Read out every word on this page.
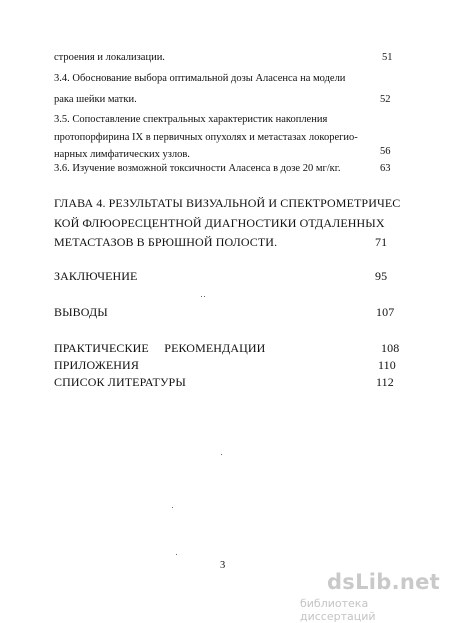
строения и локализации.	51
3.4. Обоснование выбора оптимальной дозы Аласенса на модели
рака шейки матки.	52
3.5. Сопоставление спектральных характеристик накопления
протопорфирина IX в первичных опухолях и метастазах локорегио-
нарных лимфатических узлов.	56
3.6. Изучение возможной токсичности Аласенса в дозе 20 мг/кг.	63
ГЛАВА 4. РЕЗУЛЬТАТЫ ВИЗУАЛЬНОЙ И СПЕКТРОМЕТРИЧЕС
КОЙ ФЛЮОРЕСЦЕНТНОЙ ДИАГНОСТИКИ ОТДАЛЕННЫХ
МЕТАСТАЗОВ В БРЮШНОЙ ПОЛОСТИ.	71
ЗАКЛЮЧЕНИЕ	95
ВЫВОДЫ	107
ПРАКТИЧЕСКИЕ     РЕКОМЕНДАЦИИ	108
ПРИЛОЖЕНИЯ	110
СПИСОК ЛИТЕРАТУРЫ	112
3
dsLib.net
библиотека диссертаций
